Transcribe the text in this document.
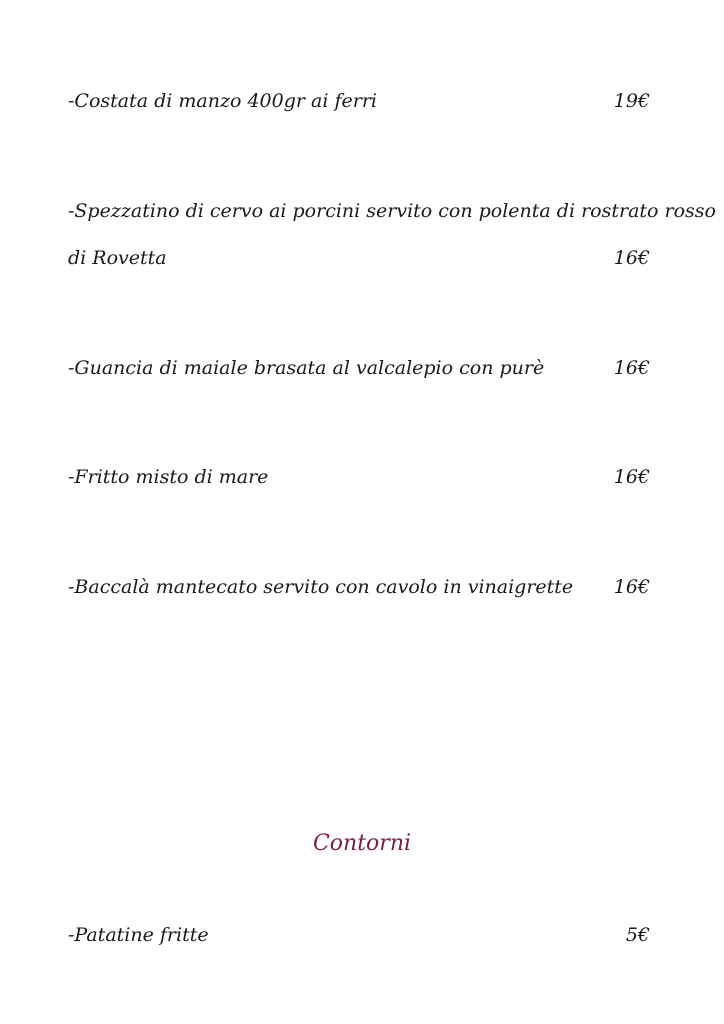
-Costata di manzo 400gr ai ferri	19€
-Spezzatino di cervo ai porcini servito con polenta di rostrato rosso
di Rovetta	16€
-Guancia di maiale brasata al valcalepio con purè	16€
-Fritto misto di mare	16€
-Baccalà mantecato servito con cavolo in vinaigrette 16€
Contorni
-Patatine fritte	5€
